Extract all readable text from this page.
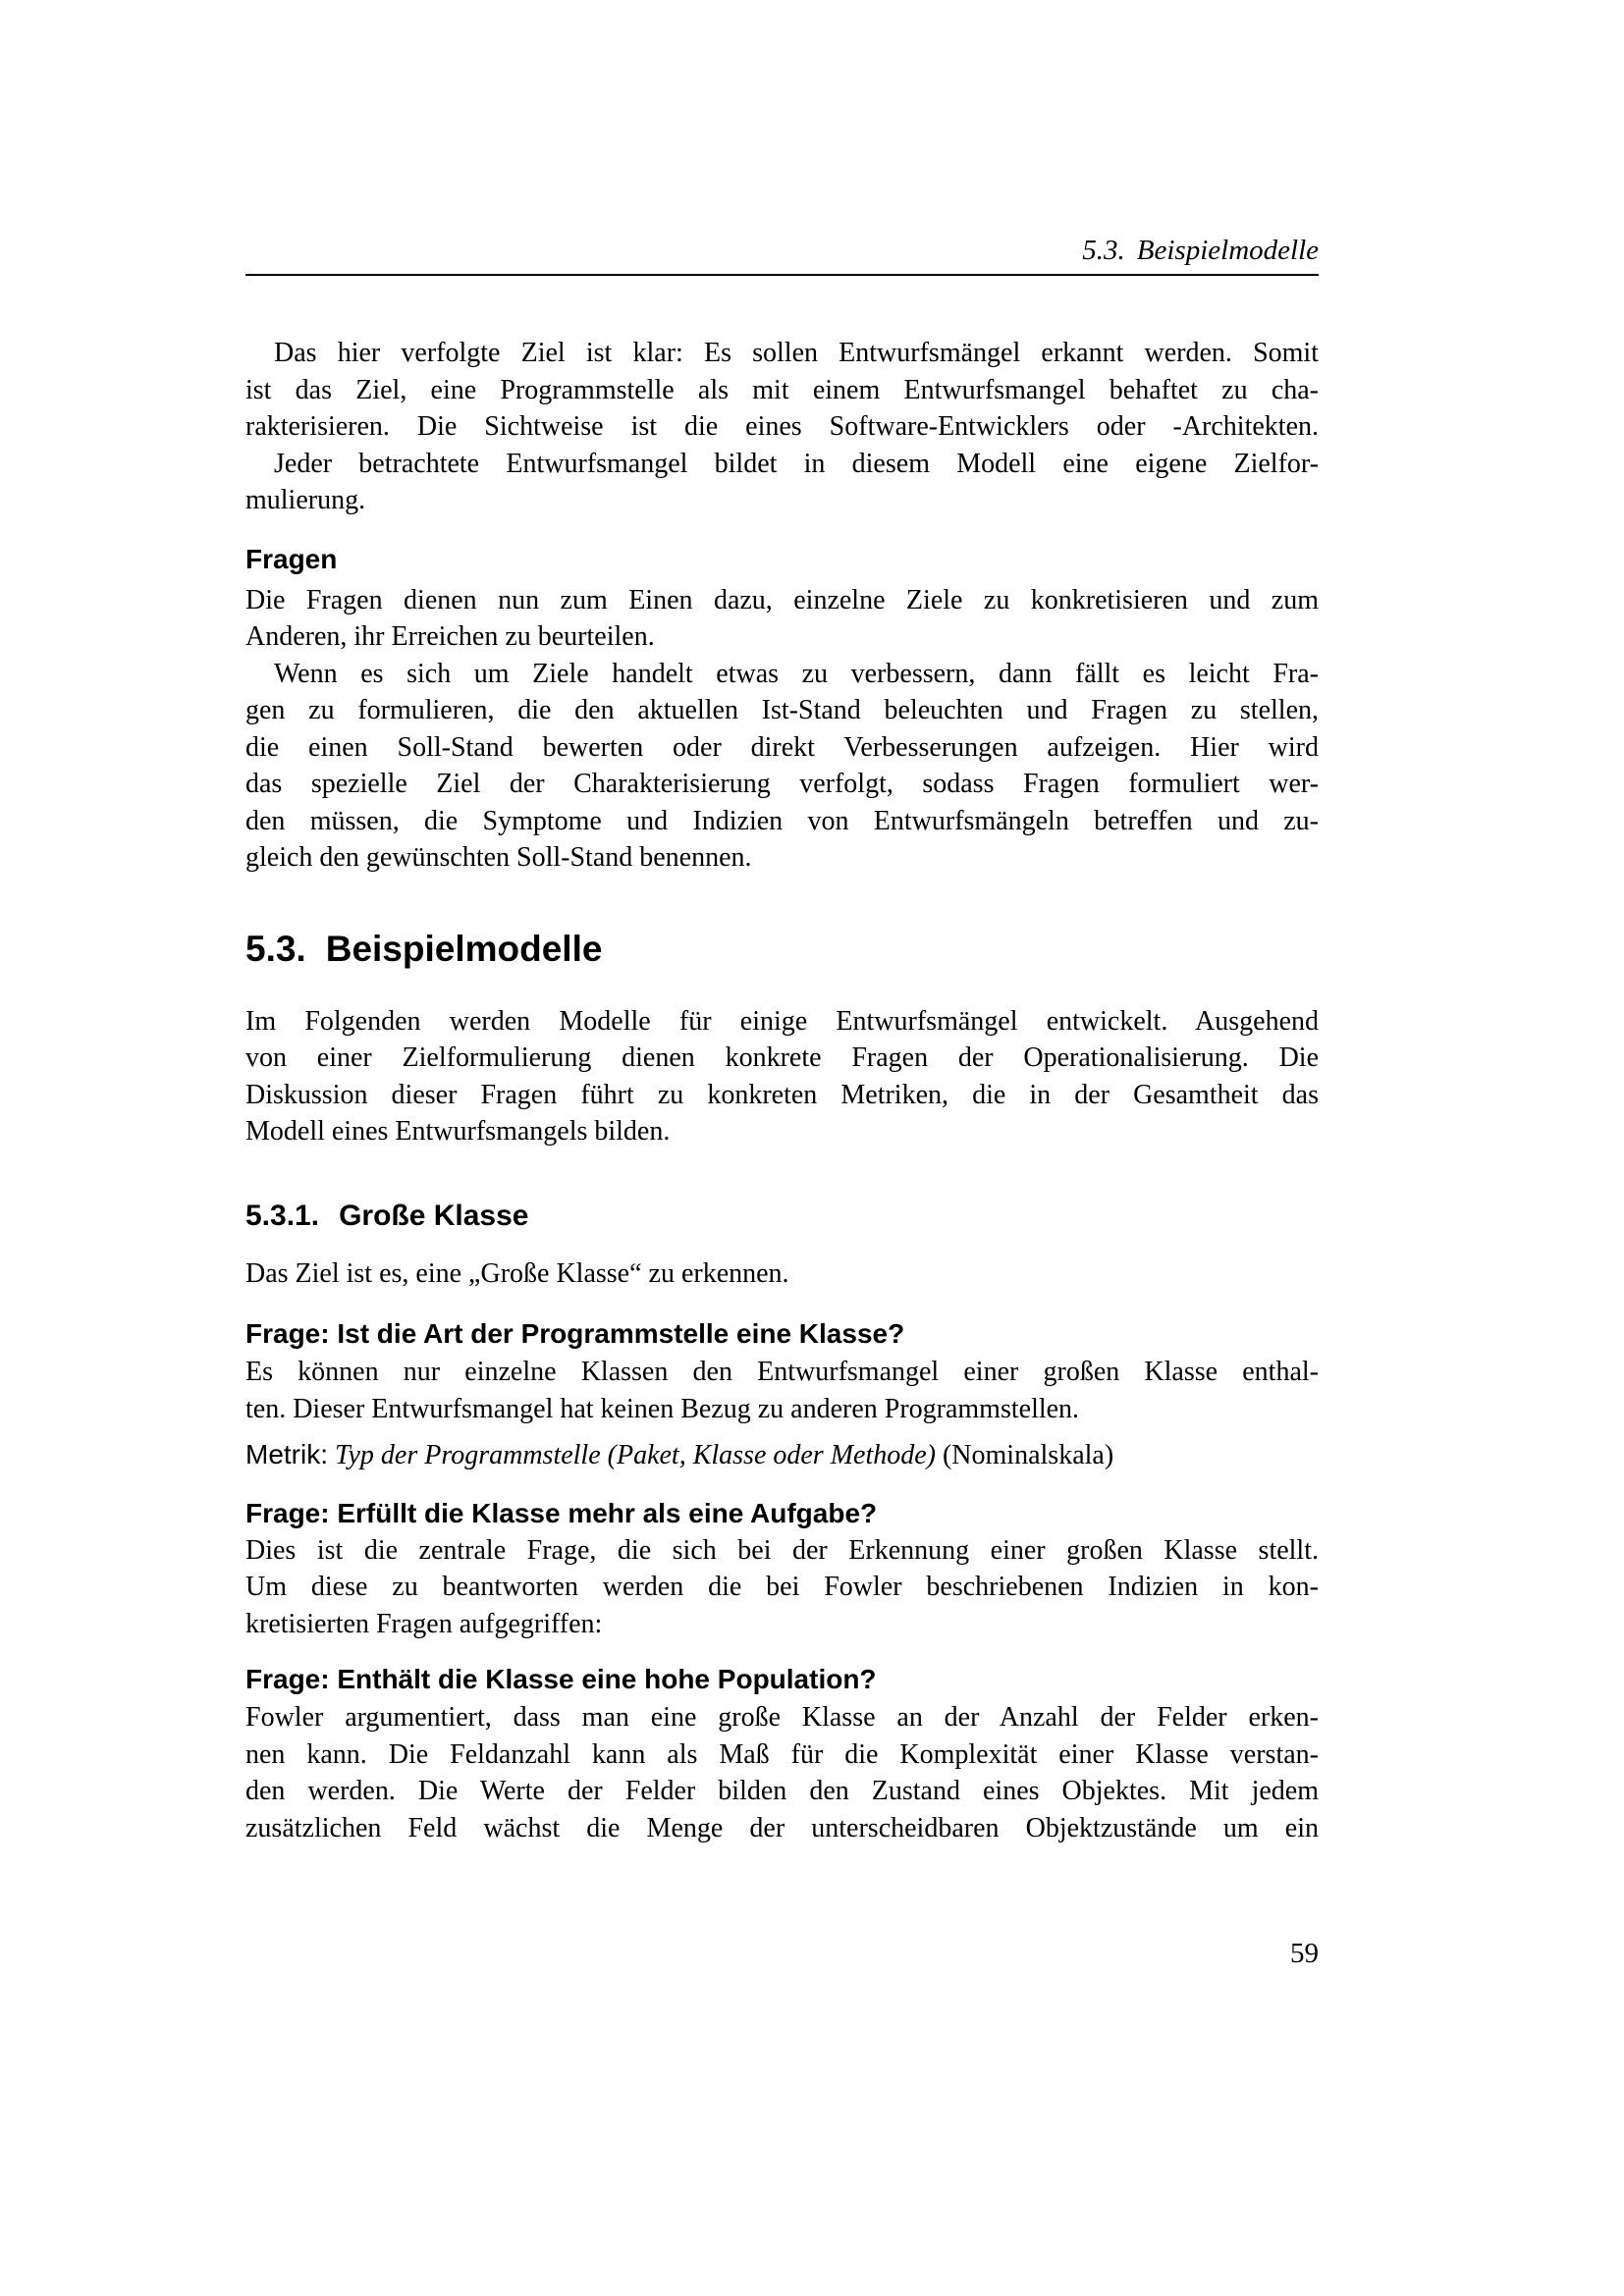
5.3. Beispielmodelle
Das hier verfolgte Ziel ist klar: Es sollen Entwurfsmängel erkannt werden. Somit
ist das Ziel, eine Programmstelle als mit einem Entwurfsmangel behaftet zu cha-
rakterisieren. Die Sichtweise ist die eines Software-Entwicklers oder -Architekten.
Jeder betrachtete Entwurfsmangel bildet in diesem Modell eine eigene Zielfor-
mulierung.
Fragen
Die Fragen dienen nun zum Einen dazu, einzelne Ziele zu konkretisieren und zum
Anderen, ihr Erreichen zu beurteilen.
Wenn es sich um Ziele handelt etwas zu verbessern, dann fällt es leicht Fra-
gen zu formulieren, die den aktuellen Ist-Stand beleuchten und Fragen zu stellen,
die einen Soll-Stand bewerten oder direkt Verbesserungen aufzeigen. Hier wird
das spezielle Ziel der Charakterisierung verfolgt, sodass Fragen formuliert wer-
den müssen, die Symptome und Indizien von Entwurfsmängeln betreffen und zu-
gleich den gewünschten Soll-Stand benennen.
5.3. Beispielmodelle
Im Folgenden werden Modelle für einige Entwurfsmängel entwickelt. Ausgehend
von einer Zielformulierung dienen konkrete Fragen der Operationalisierung. Die
Diskussion dieser Fragen führt zu konkreten Metriken, die in der Gesamtheit das
Modell eines Entwurfsmangels bilden.
5.3.1. Große Klasse
Das Ziel ist es, eine „Große Klasse“ zu erkennen.
Frage: Ist die Art der Programmstelle eine Klasse?
Es können nur einzelne Klassen den Entwurfsmangel einer großen Klasse enthal-
ten. Dieser Entwurfsmangel hat keinen Bezug zu anderen Programmstellen.
Metrik: Typ der Programmstelle (Paket, Klasse oder Methode) (Nominalskala)
Frage: Erfüllt die Klasse mehr als eine Aufgabe?
Dies ist die zentrale Frage, die sich bei der Erkennung einer großen Klasse stellt.
Um diese zu beantworten werden die bei Fowler beschriebenen Indizien in kon-
kretisierten Fragen aufgegriffen:
Frage: Enthält die Klasse eine hohe Population?
Fowler argumentiert, dass man eine große Klasse an der Anzahl der Felder erken-
nen kann. Die Feldanzahl kann als Maß für die Komplexität einer Klasse verstan-
den werden. Die Werte der Felder bilden den Zustand eines Objektes. Mit jedem
zusätzlichen Feld wächst die Menge der unterscheidbaren Objektzustände um ein
59
